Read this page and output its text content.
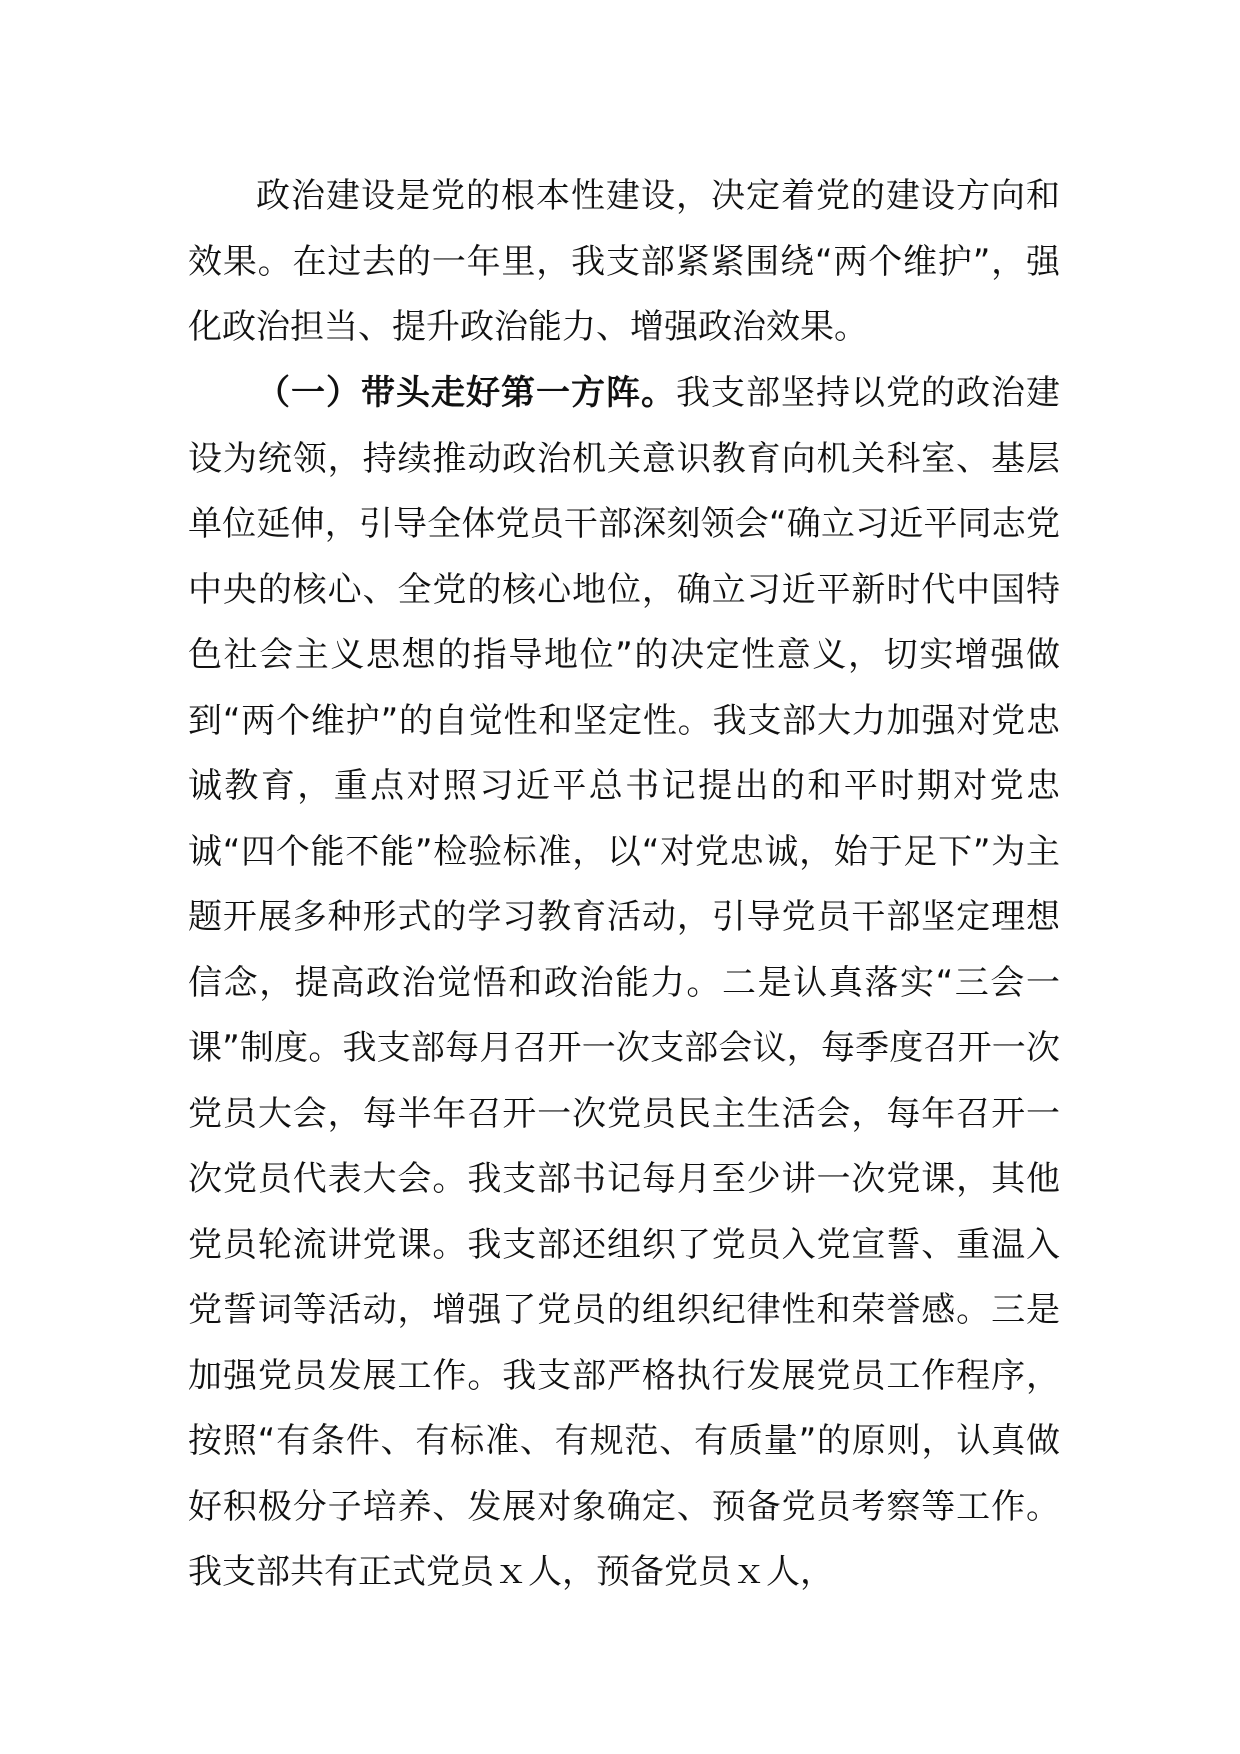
政治建设是党的根本性建设，决定着党的建设方向和效果。在过去的一年里，我支部紧紧围绕“两个维护”，强化政治担当、提升政治能力、增强政治效果。

（一）带头走好第一方阵。我支部坚持以党的政治建设为统领，持续推动政治机关意识教育向机关科室、基层单位延伸，引导全体党员干部深刻领会“确立习近平同志党中央的核心、全党的核心地位，确立习近平新时代中国特色社会主义思想的指导地位”的决定性意义，切实增强做到“两个维护”的自觉性和坚定性。我支部大力加强对党忠诚教育，重点对照习近平总书记提出的和平时期对党忠诚“四个能不能”检验标准，以“对党忠诚，始于足下”为主题开展多种形式的学习教育活动，引导党员干部坚定理想信念，提高政治觉悟和政治能力。二是认真落实“三会一课”制度。我支部每月召开一次支部会议，每季度召开一次党员大会，每半年召开一次党员民主生活会，每年召开一次党员代表大会。我支部书记每月至少讲一次党课，其他党员轮流讲党课。我支部还组织了党员入党宣誓、重温入党誓词等活动，增强了党员的组织纪律性和荣誉感。三是加强党员发展工作。我支部严格执行发展党员工作程序，按照“有条件、有标准、有规范、有质量”的原则，认真做好积极分子培养、发展对象确定、预备党员考察等工作。我支部共有正式党员ｘ人，预备党员ｘ人，
